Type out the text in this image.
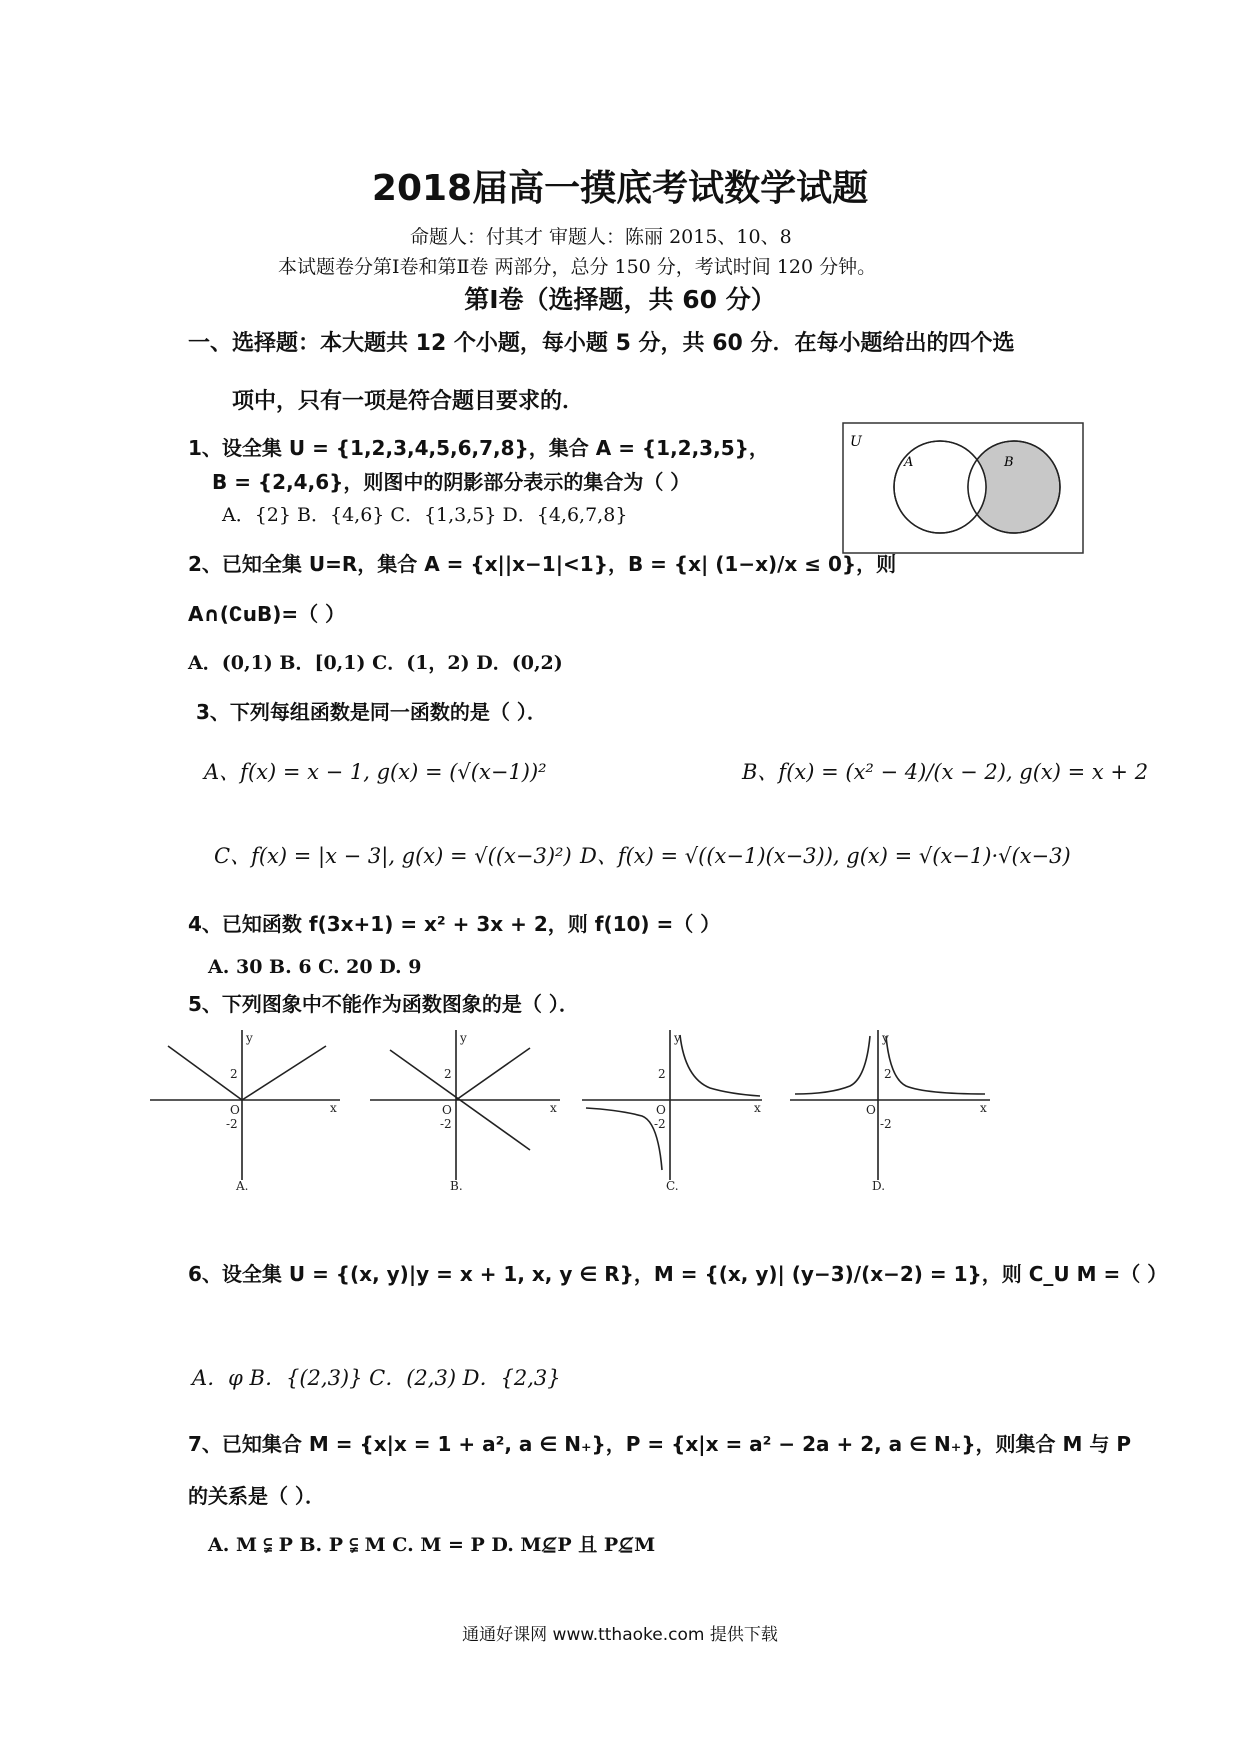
2018届高一摸底考试数学试题
命题人：付其才 审题人：陈丽 2015、10、8
本试题卷分第Ⅰ卷和第Ⅱ卷 两部分，总分 150 分，考试时间 120 分钟。
第Ⅰ卷（选择题，共 60 分）
一、选择题：本大题共 12 个小题，每小题 5 分，共 60 分．在每小题给出的四个选
项中，只有一项是符合题目要求的．
1、设全集 U = {1,2,3,4,5,6,7,8}，集合 A = {1,2,3,5}，
B = {2,4,6}，则图中的阴影部分表示的集合为（ ）
A．{2} B．{4,6} C．{1,3,5} D．{4,6,7,8}
U
A	B
2、已知全集 U=R，集合 A = {x||x−1|<1}，B = {x| (1−x)/x ≤ 0}，则
A∩(∁uB)=（ ）
A．(0,1) B．[0,1) C．(1，2) D．(0,2)
3、下列每组函数是同一函数的是（ ）．
A、f(x) = x − 1, g(x) = (√(x−1))²	B、f(x) = (x² − 4)/(x − 2), g(x) = x + 2
C、f(x) = |x − 3|, g(x) = √((x−3)²) D、f(x) = √((x−1)(x−3)), g(x) = √(x−1)·√(x−3)
4、已知函数 f(3x+1) = x² + 3x + 2，则 f(10) =（ ）
A. 30 B. 6 C. 20 D. 9
5、下列图象中不能作为函数图象的是（ ）．
y
x
2
-2
O
A.
y
x
2
-2
O
B.
y
x
2
-2
O
C.
y
x
2
-2
O
D.
6、设全集 U = {(x, y)|y = x + 1, x, y ∈ R}，M = {(x, y)| (y−3)/(x−2) = 1}，则 C_U M =（ ）
A．φ B．{(2,3)} C．(2,3) D．{2,3}
7、已知集合 M = {x|x = 1 + a², a ∈ N₊}，P = {x|x = a² − 2a + 2, a ∈ N₊}，则集合 M 与 P
的关系是（ ）．
A. M ⫋ P B. P ⫋ M C. M = P D. M⊈P 且 P⊈M
通通好课网 www.tthaoke.com 提供下载
